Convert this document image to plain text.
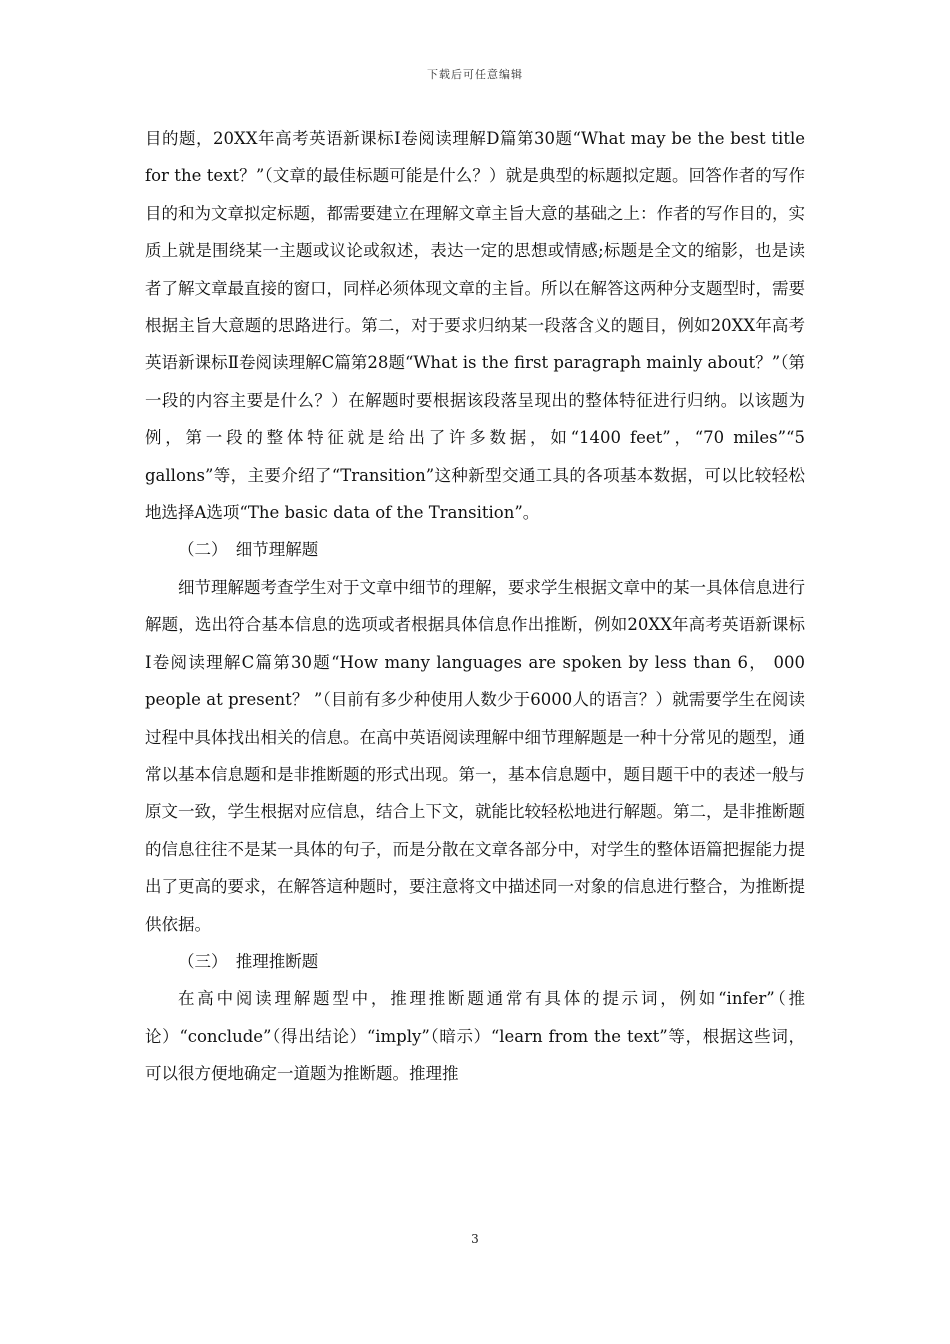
下载后可任意编辑

目的题，20XX年高考英语新课标Ⅰ卷阅读理解D篇第30题“What may be the best title for the text？”（文章的最佳标题可能是什么？）就是典型的标题拟定题。回答作者的写作目的和为文章拟定标题，都需要建立在理解文章主旨大意的基础之上：作者的写作目的，实质上就是围绕某一主题或议论或叙述，表达一定的思想或情感;标题是全文的缩影，也是读者了解文章最直接的窗口，同样必须体现文章的主旨。所以在解答这两种分支题型时，需要根据主旨大意题的思路进行。第二，对于要求归纳某一段落含义的题目，例如20XX年高考英语新课标Ⅱ卷阅读理解C篇第28题“What is the first paragraph mainly about？”（第一段的内容主要是什么？）在解题时要根据该段落呈现出的整体特征进行归纳。以该题为例，第一段的整体特征就是给出了许多数据，如“1400 feet”，“70 miles”“5 gallons”等，主要介绍了“Transition”这种新型交通工具的各项基本数据，可以比较轻松地选择A选项“The basic data of the Transition”。

（二）　细节理解题

细节理解题考查学生对于文章中细节的理解，要求学生根据文章中的某一具体信息进行解题，选出符合基本信息的选项或者根据具体信息作出推断，例如20XX年高考英语新课标Ⅰ卷阅读理解C篇第30题“How many languages are spoken by less than 6， 000 people at present？ ”（目前有多少种使用人数少于6000人的语言？）就需要学生在阅读过程中具体找出相关的信息。在高中英语阅读理解中细节理解题是一种十分常见的题型，通常以基本信息题和是非推断题的形式出现。第一，基本信息题中，题目题干中的表述一般与原文一致，学生根据对应信息，结合上下文，就能比较轻松地进行解题。第二，是非推断题的信息往往不是某一具体的句子，而是分散在文章各部分中，对学生的整体语篇把握能力提出了更高的要求，在解答這种题时，要注意将文中描述同一对象的信息进行整合，为推断提供依据。

（三）　推理推断题

在高中阅读理解题型中，推理推断题通常有具体的提示词，例如“infer”（推论）“conclude”（得出结论）“imply”（暗示）“learn from the text”等，根据这些词，可以很方便地确定一道题为推断题。推理推

3
